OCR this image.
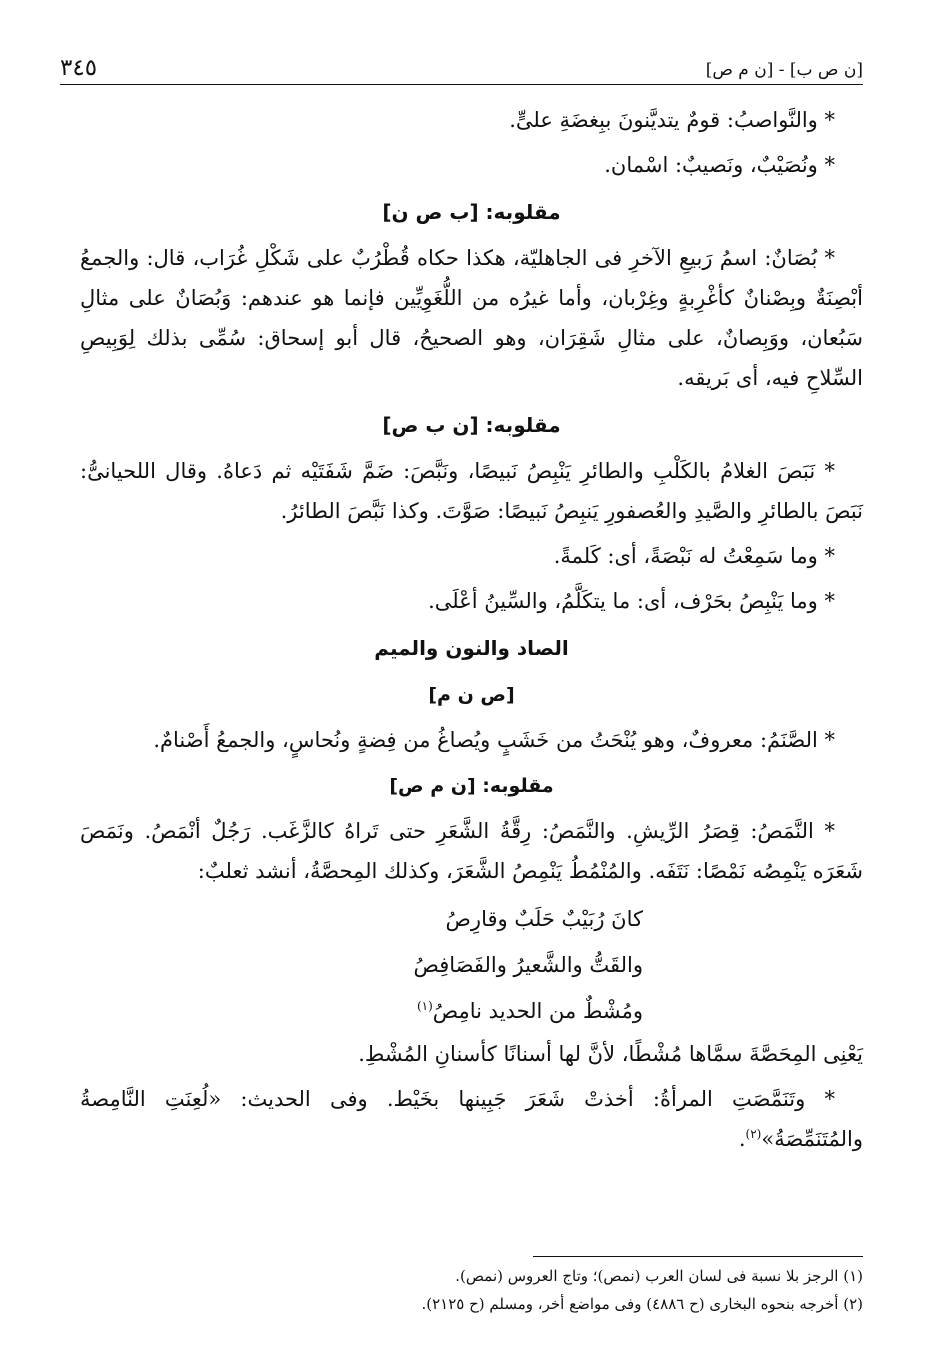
٣٤٥	[ن ص ب] - [ن م ص]

* والنَّواصبُ: قومٌ يتديَّنونَ ببِغضَةِ علىٍّ.

* ونُصَيْبٌ، ونَصيبٌ: اسْمان.

مقلوبه: [ب ص ن]

* بُصَانٌ: اسمُ رَبيعِ الآخرِ فى الجاهليّة، هكذا حكاه قُطْرُبٌ على شَكْلِ غُرَاب، قال: والجمعُ أبْصِنَةٌ وبِصْنانٌ كأغْرِبةٍ وغِرْبان، وأما غيرُه من اللُّغَوِيِّين فإنما هو عندهم: وَبُصَانٌ على مثالِ سَبُعان، ووَبِصانٌ، على مثالِ شَقِرَان، وهو الصحيحُ، قال أبو إسحاق: سُمِّى بذلك لِوَبِيصِ السِّلاحِ فيه، أى بَريقه.

مقلوبه: [ن ب ص]

* نَبَصَ الغلامُ بالكَلْبِ والطائرِ يَنْبِصُ نَبيصًا، ونَبَّصَ: ضَمَّ شَفَتَيْه ثم دَعاهُ. وقال اللحيانىُّ: نَبَصَ بالطائرِ والصَّيدِ والعُصفورِ يَنبِصُ نَبيصًا: صَوَّتَ. وكذا نَبَّصَ الطائرُ.

* وما سَمِعْتُ له نَبْصَةً، أى: كَلمةً.

* وما يَنْبِصُ بحَرْف، أى: ما يتكَلَّمُ، والسِّينُ أعْلَى.

الصاد والنون والميم
[ص ن م]

* الصَّنَمُ: معروفٌ، وهو يُنْحَتُ من خَشَبٍ ويُصاغُ من فِضةٍ ونُحاسٍ، والجمعُ أَصْنامٌ.

مقلوبه: [ن م ص]

* النَّمَصُ: قِصَرُ الرِّيشِ. والنَّمَصُ: رِقَّةُ الشَّعَرِ حتى تَراهُ كالزَّغَب. رَجُلٌ أنْمَصُ. ونَمَصَ شَعَرَه يَنْمِصُه نَمْصًا: نَتَفَه. والمُنْمُطُ يَنْمِصُ الشَّعَرَ، وكذلك المِحصَّةُ، أنشد ثعلبٌ:

كانَ رُبَيْبٌ حَلَبٌ وقارِصُ
والقَتُّ والشَّعيرُ والفَصَافِصُ
ومُشْطٌ من الحديد نامِصُ$^{(١)}$

يَعْنِى المِحَصَّةَ سمَّاها مُشْطًا، لأنَّ لها أسنانًا كأسنانِ المُشْطِ.

* وتَنَمَّصَتِ المرأةُ: أخذتْ شَعَرَ جَبِينها بخَيْط. وفى الحديث: «لُعِنَتِ النَّامِصةُ والمُتَنَمِّصَةُ»$^{(٢)}$.

(١) الرجز بلا نسبة فى لسان العرب (نمص)؛ وتاج العروس (نمص).
(٢) أخرجه بنحوه البخارى (ح ٤٨٨٦) وفى مواضع أخر، ومسلم (ح ٢١٢٥).
